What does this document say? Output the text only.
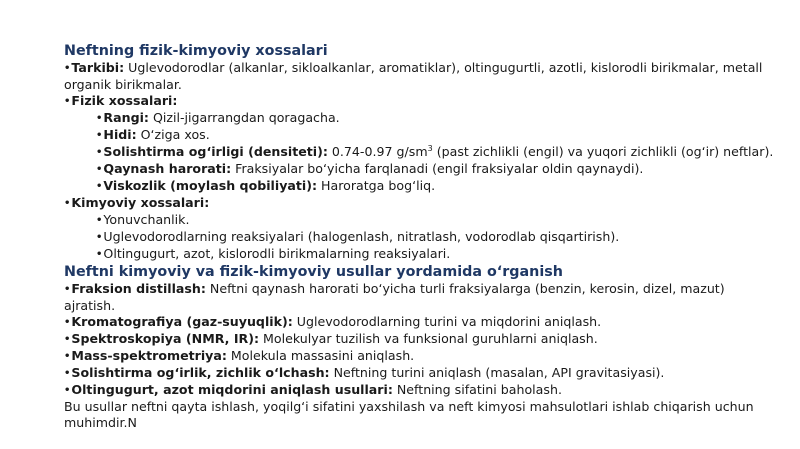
Neftning fizik-kimyoviy xossalari

•Tarkibi: Uglevodorodlar (alkanlar, sikloalkanlar, aromatiklar), oltingugurtli, azotli, kislorodli birikmalar, metall organik birikmalar.

•Fizik xossalari:

•Rangi: Qizil-jigarrangdan qoragacha.

•Hidi: O‘ziga xos.

•Solishtirma og‘irligi (densiteti): 0.74-0.97 $g/sm^3$ (past zichlikli (engil) va yuqori zichlikli (og‘ir) neftlar).

•Qaynash harorati: Fraksiyalar bo‘yicha farqlanadi (engil fraksiyalar oldin qaynaydi).

•Viskozlik (moylash qobiliyati): Haroratga bog‘liq.

•Kimyoviy xossalari:

•Yonuvchanlik.

•Uglevodorodlarning reaksiyalari (halogenlash, nitratlash, vodorodlab qisqartirish).

•Oltingugurt, azot, kislorodli birikmalarning reaksiyalari.

Neftni kimyoviy va fizik-kimyoviy usullar yordamida o‘rganish

•Fraksion distillash: Neftni qaynash harorati bo‘yicha turli fraksiyalarga (benzin, kerosin, dizel, mazut) ajratish.

•Kromatografiya (gaz-suyuqlik): Uglevodorodlarning turini va miqdorini aniqlash.

•Spektroskopiya (NMR, IR): Molekulyar tuzilish va funksional guruhlarni aniqlash.

•Mass-spektrometriya: Molekula massasini aniqlash.

•Solishtirma og‘irlik, zichlik o‘lchash: Neftning turini aniqlash (masalan, API gravitasiyasi).

•Oltingugurt, azot miqdorini aniqlash usullari: Neftning sifatini baholash.

Bu usullar neftni qayta ishlash, yoqilg‘i sifatini yaxshilash va neft kimyosi mahsulotlari ishlab chiqarish uchun muhimdir.N
